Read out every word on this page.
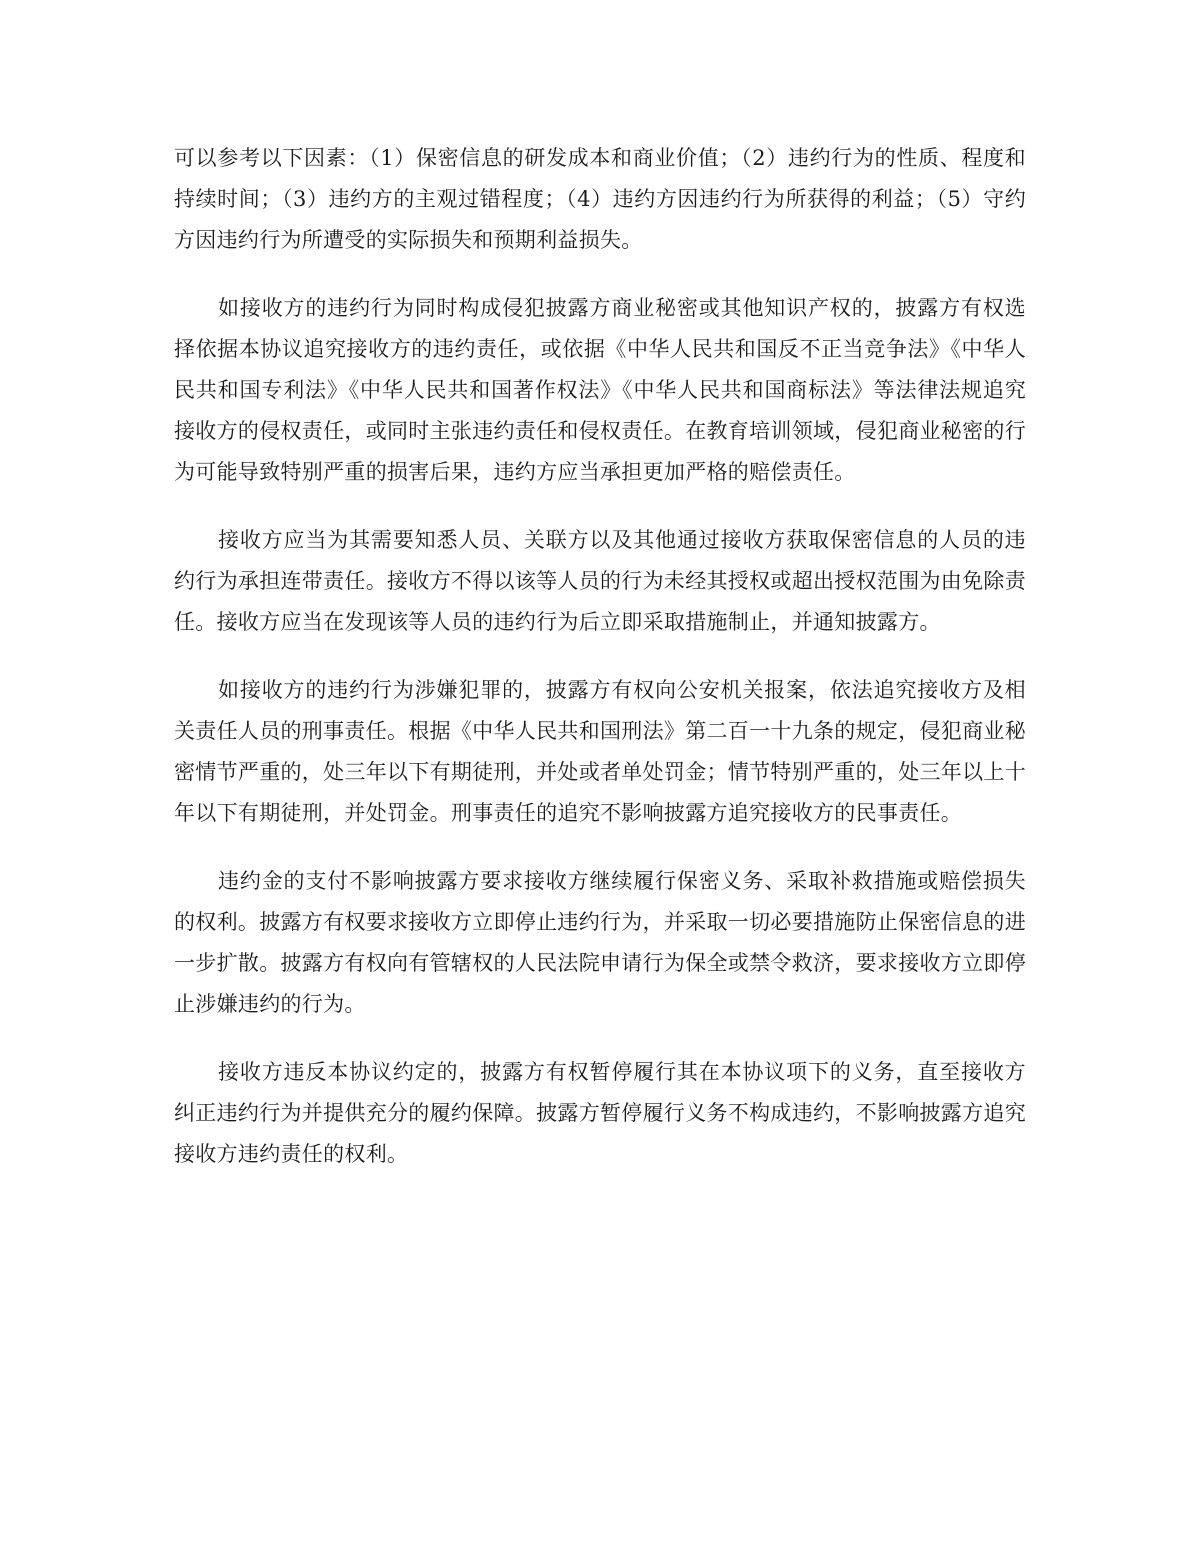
可以参考以下因素：（1）保密信息的研发成本和商业价值；（2）违约行为的性质、程度和持续时间；（3）违约方的主观过错程度；（4）违约方因违约行为所获得的利益；（5）守约方因违约行为所遭受的实际损失和预期利益损失。

如接收方的违约行为同时构成侵犯披露方商业秘密或其他知识产权的，披露方有权选择依据本协议追究接收方的违约责任，或依据《中华人民共和国反不正当竞争法》《中华人民共和国专利法》《中华人民共和国著作权法》《中华人民共和国商标法》等法律法规追究接收方的侵权责任，或同时主张违约责任和侵权责任。在教育培训领域，侵犯商业秘密的行为可能导致特别严重的损害后果，违约方应当承担更加严格的赔偿责任。

接收方应当为其需要知悉人员、关联方以及其他通过接收方获取保密信息的人员的违约行为承担连带责任。接收方不得以该等人员的行为未经其授权或超出授权范围为由免除责任。接收方应当在发现该等人员的违约行为后立即采取措施制止，并通知披露方。

如接收方的违约行为涉嫌犯罪的，披露方有权向公安机关报案，依法追究接收方及相关责任人员的刑事责任。根据《中华人民共和国刑法》第二百一十九条的规定，侵犯商业秘密情节严重的，处三年以下有期徒刑，并处或者单处罚金；情节特别严重的，处三年以上十年以下有期徒刑，并处罚金。刑事责任的追究不影响披露方追究接收方的民事责任。

违约金的支付不影响披露方要求接收方继续履行保密义务、采取补救措施或赔偿损失的权利。披露方有权要求接收方立即停止违约行为，并采取一切必要措施防止保密信息的进一步扩散。披露方有权向有管辖权的人民法院申请行为保全或禁令救济，要求接收方立即停止涉嫌违约的行为。

接收方违反本协议约定的，披露方有权暂停履行其在本协议项下的义务，直至接收方纠正违约行为并提供充分的履约保障。披露方暂停履行义务不构成违约，不影响披露方追究接收方违约责任的权利。
